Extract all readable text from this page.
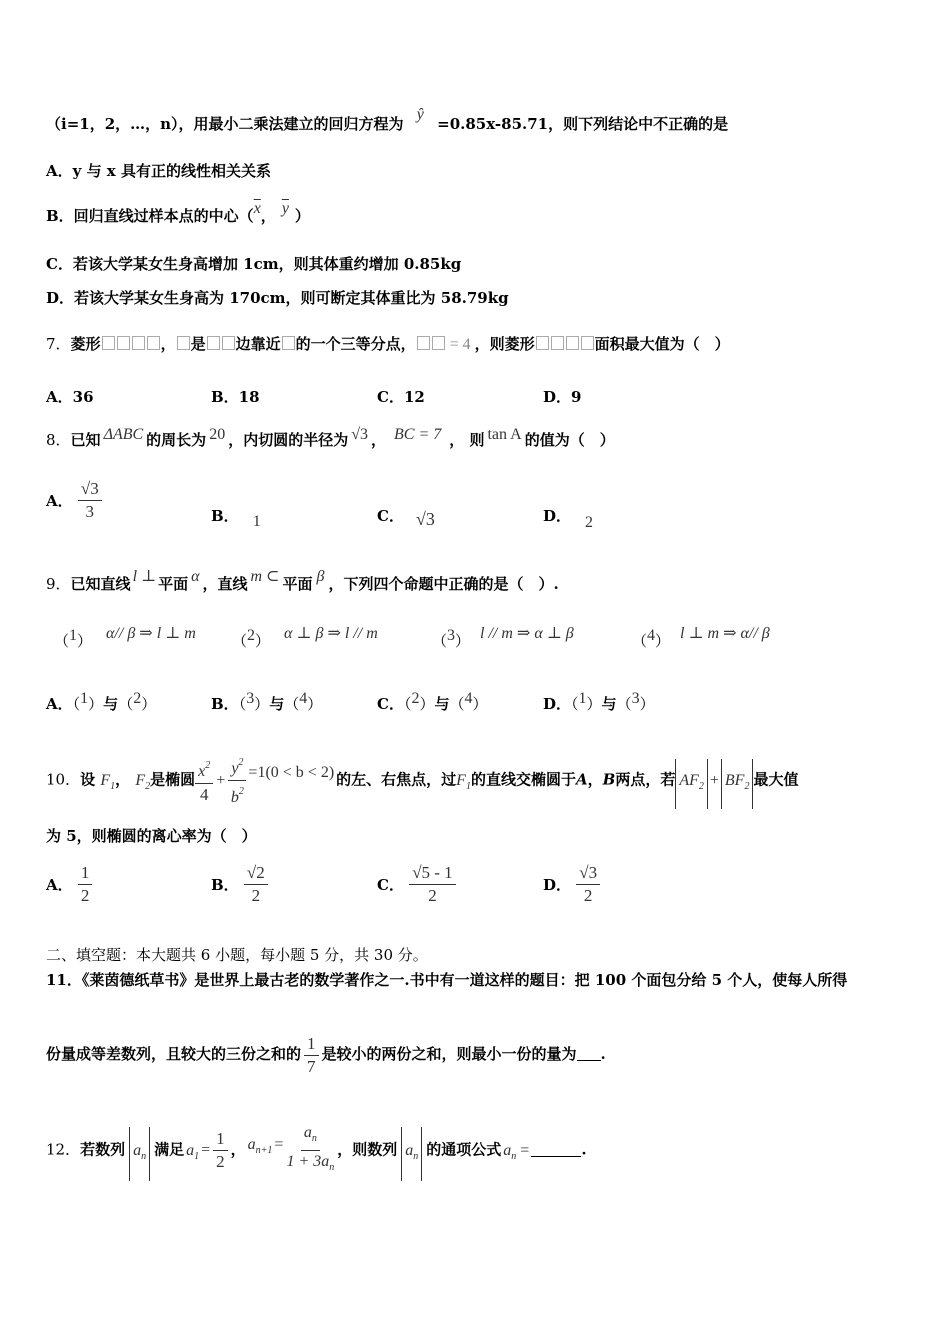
（i=1，2，…，n），用最小二乘法建立的回归方程为 ŷ =0.85x-85.71，则下列结论中不正确的是
A．y 与 x 具有正的线性相关关系
B．回归直线过样本点的中心（$\overline{x}$， $\overline{y}$ ）
C．若该大学某女生身高增加 1cm，则其体重约增加 0.85kg
D．若该大学某女生身高为 170cm，则可断定其体重比为 58.79kg
7．菱形	， 是 边靠近 的一个三等分点， = 4 ，则菱形	面积最大值为（　）
A．36	B．18	C．12	D．9
8．已知 ΔABC 的周长为 20 ，内切圆的半径为 √3 ， BC = 7 ， 则 tan A 的值为（　）
A． $\frac{√3}{3}$	B． 1	C． √3	D． 2
9．已知直线 l ⊥ 平面 α ，直线 m ⊂ 平面 β ，下列四个命题中正确的是（　）.
（1） α// β ⇒ l ⊥ m （2） α ⊥ β ⇒ l // m	（3） l // m ⇒ α ⊥ β	（4） l ⊥ m ⇒ α// β
A．（1）与（2）	B．（3）与（4）	C．（2）与（4）	D．（1）与（3）
10．设 $F_1$， $F_2$是椭圆 $\frac{x^2}{4} + \frac{y^2}{b^2} =1(0 < b < 2)$ 的左、右焦点，过$F_1$的直线交椭圆于A，B两点，若 $AF_2 + BF_2$ 最大值
为 5，则椭圆的离心率为（　）
A． $\frac{1}{2}$	B． $\frac{√2}{2}$	C． $\frac{√5 - 1}{2}$	D． $\frac{√3}{2}$
二、填空题：本大题共 6 小题，每小题 5 分，共 30 分。
11．《莱茵德纸草书》是世界上最古老的数学著作之一.书中有一道这样的题目：把 100 个面包分给 5 个人，使每人所得
份量成等差数列，且较大的三份之和的 $\frac{1}{7}$ 是较小的两份之和，则最小一份的量为 .
12．若数列 $a_n$ 满足 $a_1 = \frac{1}{2}$ ， $a_{n+1} = \frac{a_n}{1 + 3a_n}$ ，则数列 $a_n$ 的通项公式 $a_n$ =	.
